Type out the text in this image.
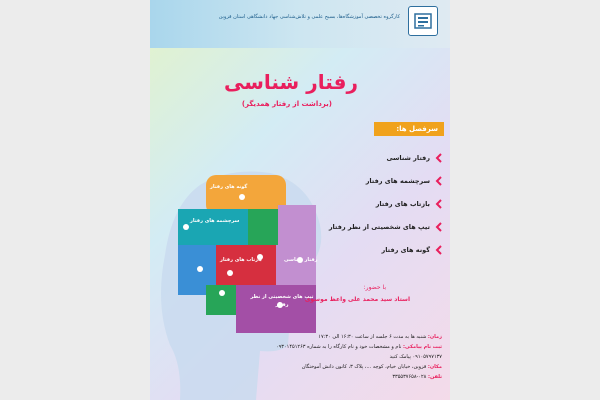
کارگروه تخصصی آموزشگاه‌ها، بسیج علمی و تلاش‌شناسی جهاد دانشگاهی استان قزوین
رفتار شناسی
(برداشت از رفتار همدیگر)
سرفصل ها:
رفتار شناسی
سرچشمه های رفتار
بازتاب های رفتار
تیپ های شخصیتی از نظر رفتار
گونه های رفتار
گونه های رفتار
سرچشمه های رفتار
بازتاب های رفتار	رفتار شناسی
تیپ های شخصیتی از نظر رفتار
با حضور:
استاد سید محمد علی واعظ موسوی
زمان: شنبه ها به مدت ۶ جلسه از ساعت ۱۶:۳۰ الی ۱۷:۳۰
ثبت نام پیامکی: نام و مشخصات خود و نام کارگاه را به شماره ۰۹۳۰۱۴۵۱۲۶۳
۰۹۱۰۵۷۹۷۱۳۷ پیامک کنید
مکان: قزوین، خیابان خیام، کوچه ...، پلاک ۳، کانون دانش آموختگان
تلفن: ۰۲۸-۳۳۵۵۳۷۶۵۸
